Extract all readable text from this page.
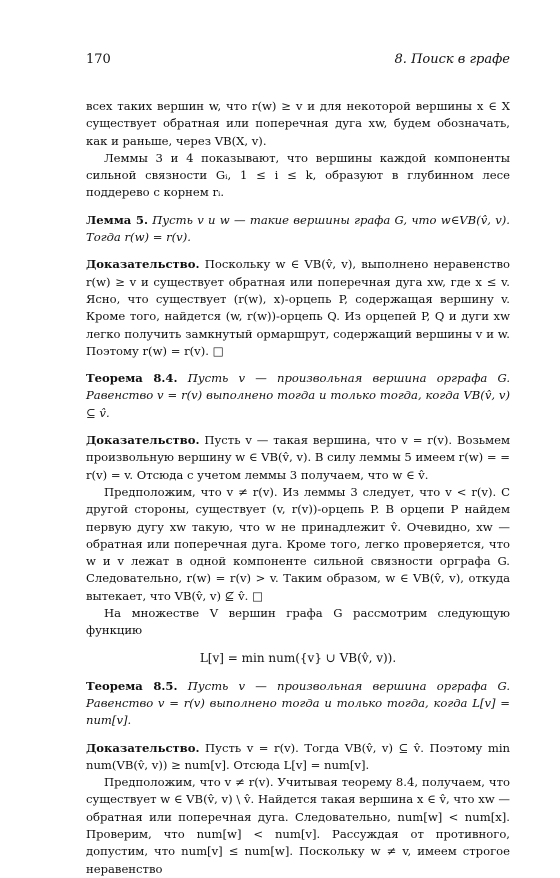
170	8. Поиск в графе

всех таких вершин w, что r(w) ≥ v и для некоторой вершины x ∈ X существует обратная или поперечная дуга xw, будем обозначать, как и раньше, через VB(X, v).

Леммы 3 и 4 показывают, что вершины каждой компоненты сильной связности Gᵢ, 1 ≤ i ≤ k, образуют в глубинном лесе поддерево с корнем rᵢ.

Лемма 5. Пусть v и w — такие вершины графа G, что w∈VB(v̂, v). Тогда r(w) = r(v).

Доказательство. Поскольку w ∈ VB(v̂, v), выполнено неравенство r(w) ≥ v и существует обратная или поперечная дуга xw, где x ≤ v. Ясно, что существует (r(w), x)-орцепь P, содержащая вершину v. Кроме того, найдется (w, r(w))-орцепь Q. Из орцепей P, Q и дуги xw легко получить замкнутый ормаршрут, содержащий вершины v и w. Поэтому r(w) = r(v). □

Теорема 8.4. Пусть v — произвольная вершина орграфа G. Равенство v = r(v) выполнено тогда и только тогда, когда VB(v̂, v) ⊆ v̂.

Доказательство. Пусть v — такая вершина, что v = r(v). Возьмем произвольную вершину w ∈ VB(v̂, v). В силу леммы 5 имеем r(w) = = r(v) = v. Отсюда с учетом леммы 3 получаем, что w ∈ v̂.

Предположим, что v ≠ r(v). Из леммы 3 следует, что v < r(v). С другой стороны, существует (v, r(v))-орцепь P. В орцепи P найдем первую дугу xw такую, что w не принадлежит v̂. Очевидно, xw — обратная или поперечная дуга. Кроме того, легко проверяется, что w и v лежат в одной компоненте сильной связности орграфа G. Следовательно, r(w) = r(v) > v. Таким образом, w ∈ VB(v̂, v), откуда вытекает, что VB(v̂, v) ⊈ v̂. □

На множестве V вершин графа G рассмотрим следующую функцию

L[v] = min num({v} ∪ VB(v̂, v)).

Теорема 8.5. Пусть v — произвольная вершина орграфа G. Равенство v = r(v) выполнено тогда и только тогда, когда L[v] = num[v].

Доказательство. Пусть v = r(v). Тогда VB(v̂, v) ⊆ v̂. Поэтому min num(VB(v̂, v)) ≥ num[v]. Отсюда L[v] = num[v].

Предположим, что v ≠ r(v). Учитывая теорему 8.4, получаем, что существует w ∈ VB(v̂, v) \ v̂. Найдется такая вершина x ∈ v̂, что xw — обратная или поперечная дуга. Следовательно, num[w] < num[x]. Проверим, что num[w] < num[v]. Рассуждая от противного, допустим, что num[v] ≤ num[w]. Поскольку w ≠ v, имеем строгое неравенство
